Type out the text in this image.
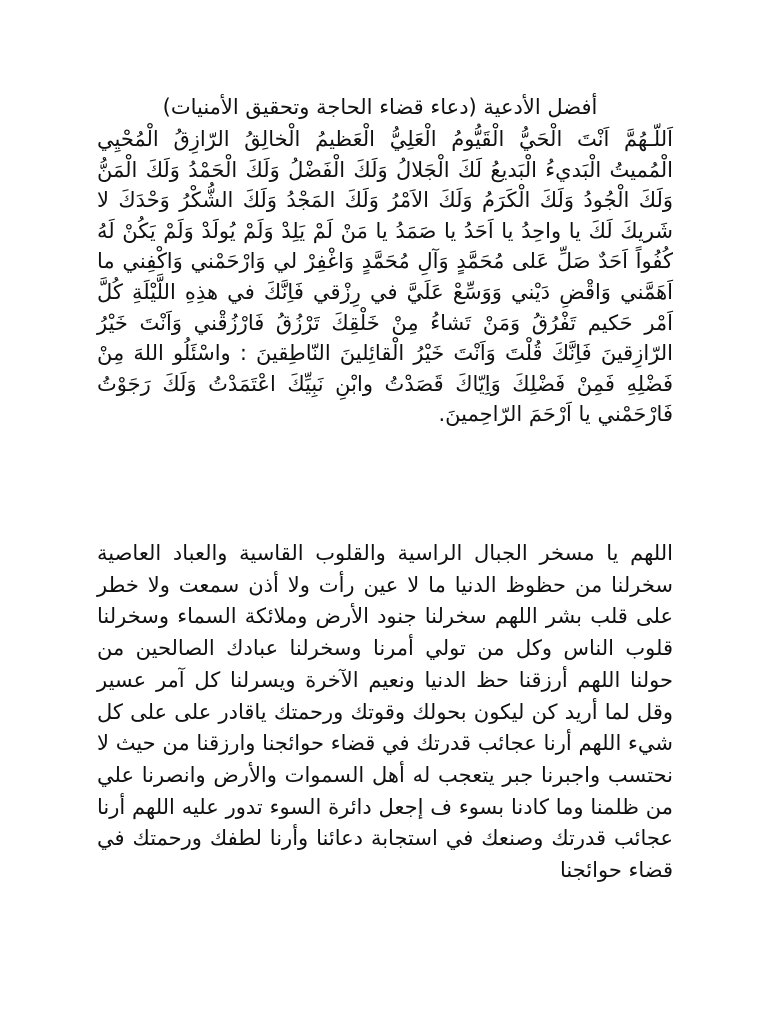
أفضل الأدعية (دعاء قضاء الحاجة وتحقيق الأمنيات)
اَللّـهُمَّ اَنْتَ الْحَيُّ الْقَيُّومُ الْعَلِيُّ الْعَظيمُ الْخالِقُ الرّازِقُ الْمُحْيِي الْمُميتُ الْبَديءُ الْبَديعُ لَكَ الْجَلالُ وَلَكَ الْفَضْلُ وَلَكَ الْحَمْدُ وَلَكَ الْمَنُّ وَلَكَ الْجُودُ وَلَكَ الْكَرَمُ وَلَكَ الاَمْرُ وَلَكَ المَجْدُ وَلَكَ الشُّكْرُ وَحْدَكَ لا شَريكَ لَكَ يا واحِدُ يا اَحَدُ يا صَمَدُ يا مَنْ لَمْ يَلِدْ وَلَمْ يُولَدْ وَلَمْ يَكُنْ لَهُ كُفُواً اَحَدٌ صَلِّ عَلى مُحَمَّدٍ وَآلِ مُحَمَّدٍ وَاغْفِرْ لي وَارْحَمْني وَاكْفِني ما اَهَمَّني وَاقْضِ دَيْني وَوَسِّعْ عَلَيَّ في رِزْقي فَاِنَّكَ في هذِهِ اللَّيْلَةِ كُلَّ اَمْر حَكيم تَفْرُقُ وَمَنْ تَشاءُ مِنْ خَلْقِكَ تَرْزُقُ فَارْزُقْني وَاَنْتَ خَيْرُ الرّازِقينَ فَاِنَّكَ قُلْتَ وَاَنْتَ خَيْرُ الْقائِلينَ النّاطِقينَ : واسْئَلُو اللهَ مِنْ فَضْلِهِ فَمِنْ فَضْلِكَ وَاِيّاكَ قَصَدْتُ وابْنِ نَبِيِّكَ اعْتَمَدْتُ وَلَكَ رَجَوْتُ فَارْحَمْني يا اَرْحَمَ الرّاحِمينَ.
اللهم يا مسخر الجبال الراسية والقلوب القاسية والعباد العاصية سخرلنا من حظوظ الدنيا ما لا عين رأت ولا أذن سمعت ولا خطر على قلب بشر اللهم سخرلنا جنود الأرض وملائكة السماء وسخرلنا قلوب الناس وكل من تولي أمرنا وسخرلنا عبادك الصالحين من حولنا اللهم أرزقنا حظ الدنيا ونعيم الآخرة ويسرلنا كل آمر عسير وقل لما أريد كن ليكون بحولك وقوتك ورحمتك ياقادر على على كل شيء اللهم أرنا عجائب قدرتك في قضاء حوائجنا وارزقنا من حيث لا نحتسب واجبرنا جبر يتعجب له أهل السموات والأرض وانصرنا علي من ظلمنا وما كادنا بسوء ف إجعل دائرة السوء تدور عليه اللهم أرنا عجائب قدرتك وصنعك في استجابة دعائنا وأرنا لطفك ورحمتك في قضاء حوائجنا
